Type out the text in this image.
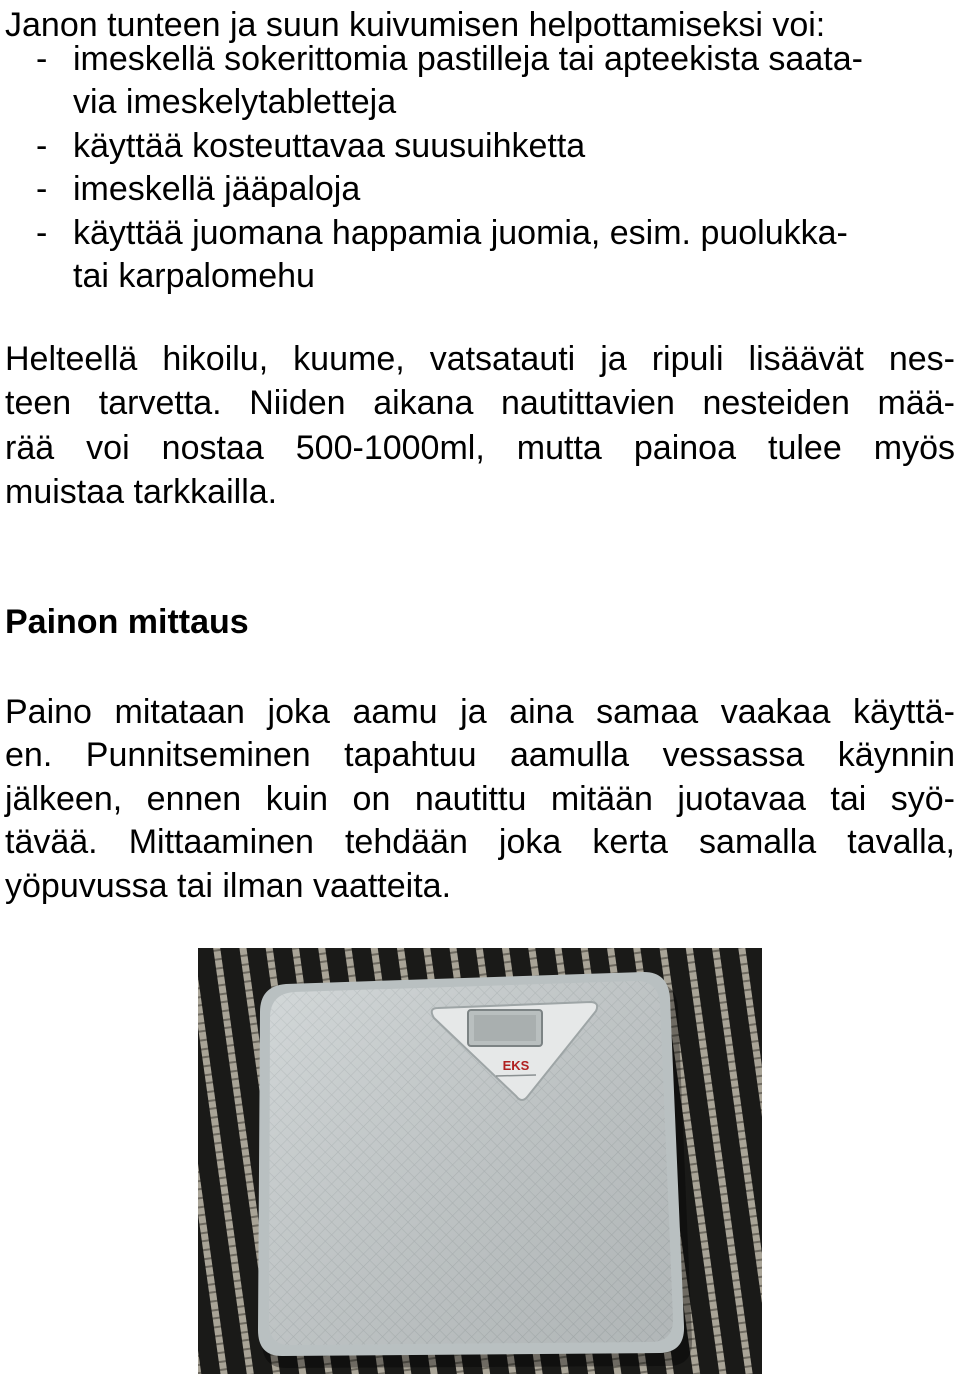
Janon tunteen ja suun kuivumisen helpottamiseksi voi:
- imeskellä sokerittomia pastilleja tai apteekista saata-
via imeskelytabletteja
- käyttää kosteuttavaa suusuihketta
- imeskellä jääpaloja
- käyttää juomana happamia juomia, esim. puolukka-
tai karpalomehu
Helteellä hikoilu, kuume, vatsatauti ja ripuli lisäävät nes-
teen tarvetta. Niiden aikana nautittavien nesteiden mää-
rää voi nostaa 500-1000ml, mutta painoa tulee myös
muistaa tarkkailla.
Painon mittaus
Paino mitataan joka aamu ja aina samaa vaakaa käyttä-
en. Punnitseminen tapahtuu aamulla vessassa käynnin
jälkeen, ennen kuin on nautittu mitään juotavaa tai syö-
tävää. Mittaaminen tehdään joka kerta samalla tavalla,
yöpuvussa tai ilman vaatteita.
EKS
